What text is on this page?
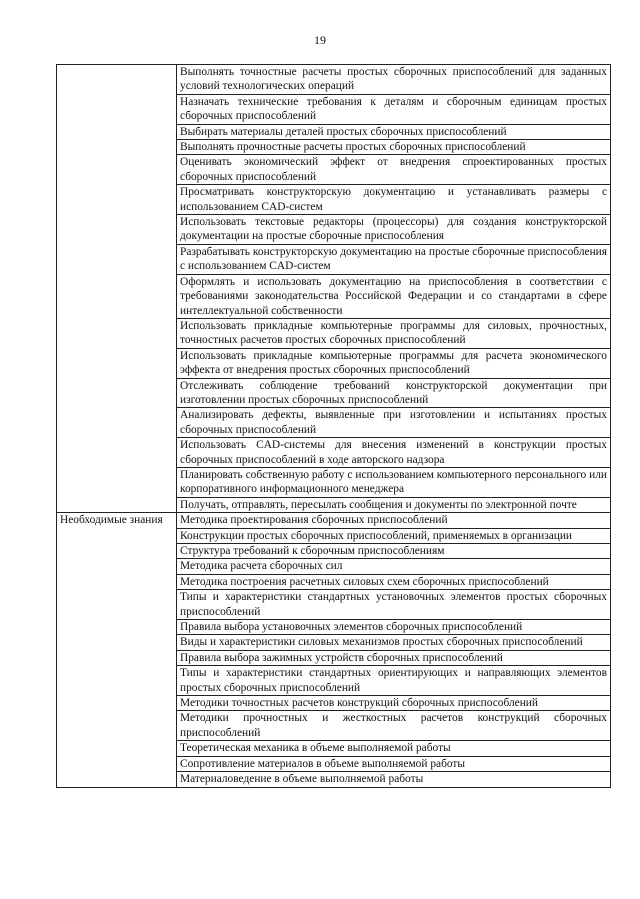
19
	Выполнять точностные расчеты простых сборочных приспособлений для заданных условий технологических операций
	Назначать технические требования к деталям и сборочным единицам простых сборочных приспособлений
	Выбирать материалы деталей простых сборочных приспособлений
	Выполнять прочностные расчеты простых сборочных приспособлений
	Оценивать экономический эффект от внедрения спроектированных простых сборочных приспособлений
	Просматривать конструкторскую документацию и устанавливать размеры с использованием CAD-систем
	Использовать текстовые редакторы (процессоры) для создания конструкторской документации на простые сборочные приспособления
	Разрабатывать конструкторскую документацию на простые сборочные приспособления с использованием CAD-систем
	Оформлять и использовать документацию на приспособления в соответствии с требованиями законодательства Российской Федерации и со стандартами в сфере интеллектуальной собственности
	Использовать прикладные компьютерные программы для силовых, прочностных, точностных расчетов простых сборочных приспособлений
	Использовать прикладные компьютерные программы для расчета экономического эффекта от внедрения простых сборочных приспособлений
	Отслеживать соблюдение требований конструкторской документации при изготовлении простых сборочных приспособлений
	Анализировать дефекты, выявленные при изготовлении и испытаниях простых сборочных приспособлений
	Использовать CAD-системы для внесения изменений в конструкции простых сборочных приспособлений в ходе авторского надзора
	Планировать собственную работу с использованием компьютерного персонального или корпоративного информационного менеджера
	Получать, отправлять, пересылать сообщения и документы по электронной почте

Необходимые знания	Методика проектирования сборочных приспособлений
	Конструкции простых сборочных приспособлений, применяемых в организации
	Структура требований к сборочным приспособлениям
	Методика расчета сборочных сил
	Методика построения расчетных силовых схем сборочных приспособлений
	Типы и характеристики стандартных установочных элементов простых сборочных приспособлений
	Правила выбора установочных элементов сборочных приспособлений
	Виды и характеристики силовых механизмов простых сборочных приспособлений
	Правила выбора зажимных устройств сборочных приспособлений
	Типы и характеристики стандартных ориентирующих и направляющих элементов простых сборочных приспособлений
	Методики точностных расчетов конструкций сборочных приспособлений
	Методики прочностных и жесткостных расчетов конструкций сборочных приспособлений
	Теоретическая механика в объеме выполняемой работы
	Сопротивление материалов в объеме выполняемой работы
	Материаловедение в объеме выполняемой работы
